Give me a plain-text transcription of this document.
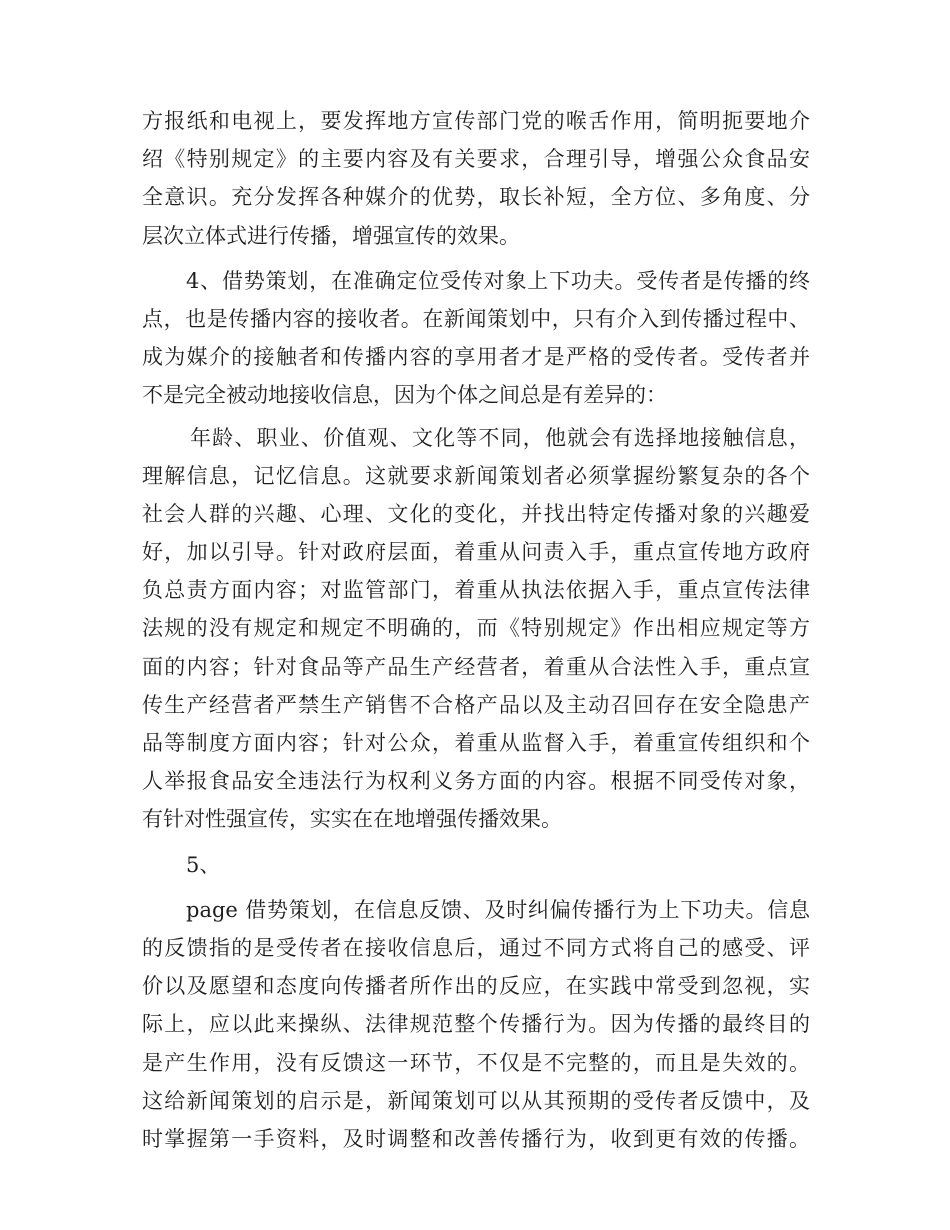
方报纸和电视上，要发挥地方宣传部门党的喉舌作用，简明扼要地介
绍《特别规定》的主要内容及有关要求，合理引导，增强公众食品安
全意识。充分发挥各种媒介的优势，取长补短，全方位、多角度、分
层次立体式进行传播，增强宣传的效果。
4、借势策划，在准确定位受传对象上下功夫。受传者是传播的终
点，也是传播内容的接收者。在新闻策划中，只有介入到传播过程中、
成为媒介的接触者和传播内容的享用者才是严格的受传者。受传者并
不是完全被动地接收信息，因为个体之间总是有差异的：
年龄、职业、价值观、文化等不同，他就会有选择地接触信息，
理解信息，记忆信息。这就要求新闻策划者必须掌握纷繁复杂的各个
社会人群的兴趣、心理、文化的变化，并找出特定传播对象的兴趣爱
好，加以引导。针对政府层面，着重从问责入手，重点宣传地方政府
负总责方面内容；对监管部门，着重从执法依据入手，重点宣传法律
法规的没有规定和规定不明确的，而《特别规定》作出相应规定等方
面的内容；针对食品等产品生产经营者，着重从合法性入手，重点宣
传生产经营者严禁生产销售不合格产品以及主动召回存在安全隐患产
品等制度方面内容；针对公众，着重从监督入手，着重宣传组织和个
人举报食品安全违法行为权利义务方面的内容。根据不同受传对象，
有针对性强宣传，实实在在地增强传播效果。
5、
page 借势策划，在信息反馈、及时纠偏传播行为上下功夫。信息
的反馈指的是受传者在接收信息后，通过不同方式将自己的感受、评
价以及愿望和态度向传播者所作出的反应，在实践中常受到忽视，实
际上，应以此来操纵、法律规范整个传播行为。因为传播的最终目的
是产生作用，没有反馈这一环节，不仅是不完整的，而且是失效的。
这给新闻策划的启示是，新闻策划可以从其预期的受传者反馈中，及
时掌握第一手资料，及时调整和改善传播行为，收到更有效的传播。
